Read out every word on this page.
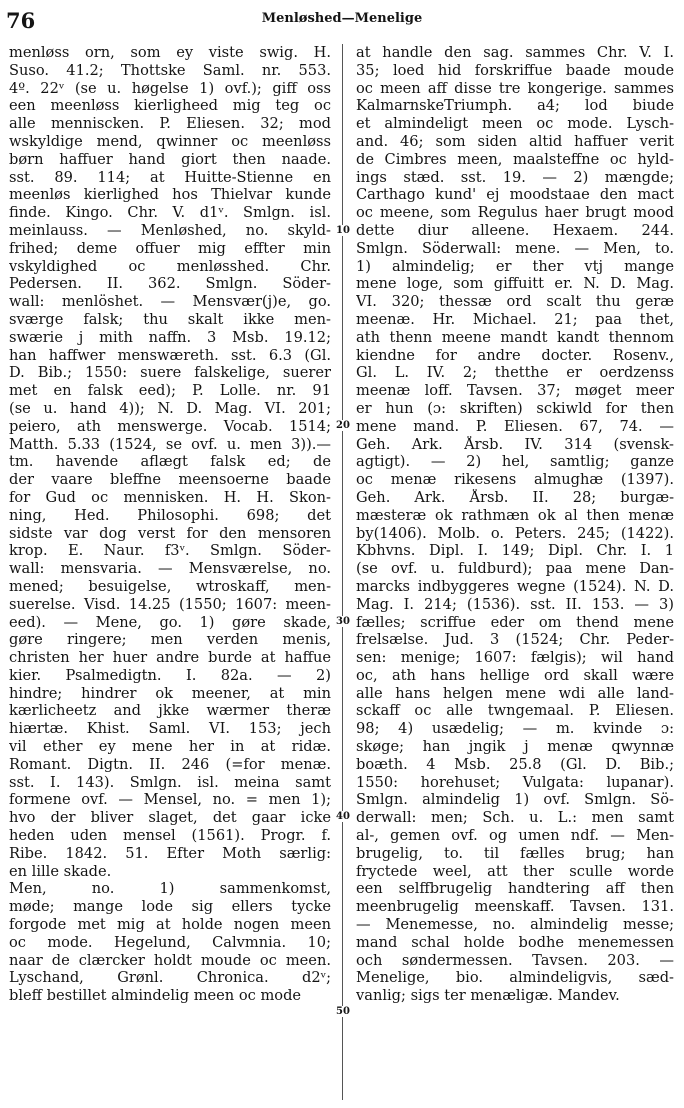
76	Menløshed—Menelige
menløss orn, som ey viste swig. H.
Suso. 41.2; Thottske Saml. nr. 553.
4º. 22ᵛ (se u. høgelse 1) ovf.); giff oss
een meenløss kierligheed mig teg oc
alle menniscken. P. Eliesen. 32; mod
wskyldige mend, qwinner oc meenløss
børn haffuer hand giort then naade.
sst. 89. 114; at Huitte-Stienne en
meenløs kierlighed hos Thielvar kunde
finde. Kingo. Chr. V. d1ᵛ. Smlgn. isl.
meinlauss. — Menløshed, no. skyld-
frihed; deme offuer mig effter min
vskyldighed oc menløsshed. Chr.
Pedersen. II. 362. Smlgn. Söder-
wall: menlöshet. — Mensvær(j)e, go.
sværge falsk; thu skalt ikke men-
swærie j mith naffn. 3 Msb. 19.12;
han haffwer menswæreth. sst. 6.3 (Gl.
D. Bib.; 1550: suere falskelige, suerer
met en falsk eed); P. Lolle. nr. 91
(se u. hand 4)); N. D. Mag. VI. 201;
peiero, ath menswerge. Vocab. 1514;
Matth. 5.33 (1524, se ovf. u. men 3)).—
tm. havende aflægt falsk ed; de
der vaare bleffne meensoerne baade
for Gud oc mennisken. H. H. Skon-
ning, Hed. Philosophi. 698; det
sidste var dog verst for den mensoren
krop. E. Naur. f3ᵛ. Smlgn. Söder-
wall: mensvaria. — Mensværelse, no.
mened; besuigelse, wtroskaff, men-
suerelse. Visd. 14.25 (1550; 1607: meen-
eed). — Mene, go. 1) gøre skade,
gøre ringere; men verden menis,
christen her huer andre burde at haffue
kier. Psalmedigtn. I. 82a. — 2)
hindre; hindrer ok meener, at min
kærlicheetz and jkke wærmer theræ
hiærtæ. Khist. Saml. VI. 153; jech
vil ether ey mene her in at ridæ.
Romant. Digtn. II. 246 (=for menæ.
sst. I. 143). Smlgn. isl. meina samt
formene ovf. — Mensel, no. = men 1);
hvo der bliver slaget, det gaar icke
heden uden mensel (1561). Progr. f.
Ribe. 1842. 51. Efter Moth særlig:
en lille skade.
Men, no. 1) sammenkomst,
møde; mange lode sig ellers tycke
forgode met mig at holde nogen meen
oc mode. Hegelund, Calvmnia. 10;
naar de clærcker holdt moude oc meen.
Lyschand, Grønl. Chronica. d2ᵛ;
bleff bestillet almindelig meen oc mode
at handle den sag. sammes Chr. V. I.
35; loed hid forskriffue baade moude
oc meen aff disse tre kongerige. sammes
KalmarnskeTriumph. a4; lod biude
et almindeligt meen oc mode. Lysch-
and. 46; som siden altid haffuer verit
de Cimbres meen, maalsteffne oc hyld-
ings stæd. sst. 19. — 2) mængde;
Carthago kund' ej moodstaae den mact
oc meene, som Regulus haer brugt mood
dette diur alleene. Hexaem. 244.
Smlgn. Söderwall: mene. — Men, to.
1) almindelig; er ther vtj mange
mene loge, som giffuitt er. N. D. Mag.
VI. 320; thessæ ord scalt thu geræ
meenæ. Hr. Michael. 21; paa thet,
ath thenn meene mandt kandt thennom
kiendne for andre docter. Rosenv.,
Gl. L. IV. 2; thetthe er oerdzenss
meenæ loff. Tavsen. 37; møget meer
er hun (ɔ: skriften) sckiwld for then
mene mand. P. Eliesen. 67, 74. —
Geh. Ark. Årsb. IV. 314 (svensk-
agtigt). — 2) hel, samtlig; ganze
oc menæ rikesens almughæ (1397).
Geh. Ark. Årsb. II. 28; burgæ-
mæsteræ ok rathmæn ok al then menæ
by(1406). Molb. o. Peters. 245; (1422).
Kbhvns. Dipl. I. 149; Dipl. Chr. I. 1
(se ovf. u. fuldburd); paa mene Dan-
marcks indbyggeres wegne (1524). N. D.
Mag. I. 214; (1536). sst. II. 153. — 3)
fælles; scriffue eder om thend mene
frelsælse. Jud. 3 (1524; Chr. Peder-
sen: menige; 1607: fælgis); wil hand
oc, ath hans hellige ord skall wære
alle hans helgen mene wdi alle land-
sckaff oc alle twngemaal. P. Eliesen.
98; 4) usædelig; — m. kvinde ɔ:
skøge; han jngik j menæ qwynnæ
boæth. 4 Msb. 25.8 (Gl. D. Bib.;
1550: horehuset; Vulgata: lupanar).
Smlgn. almindelig 1) ovf. Smlgn. Sö-
derwall: men; Sch. u. L.: men samt
al-, gemen ovf. og umen ndf. — Men-
brugelig, to. til fælles brug; han
fryctede weel, att ther sculle worde
een selffbrugelig handtering aff then
meenbrugelig meenskaff. Tavsen. 131.
— Menemesse, no. almindelig messe;
mand schal holde bodhe menemessen
och søndermessen. Tavsen. 203. —
Menelige, bio. almindeligvis, sæd-
vanlig; sigs ter menæligæ. Mandev.
10
20
30
40
50
